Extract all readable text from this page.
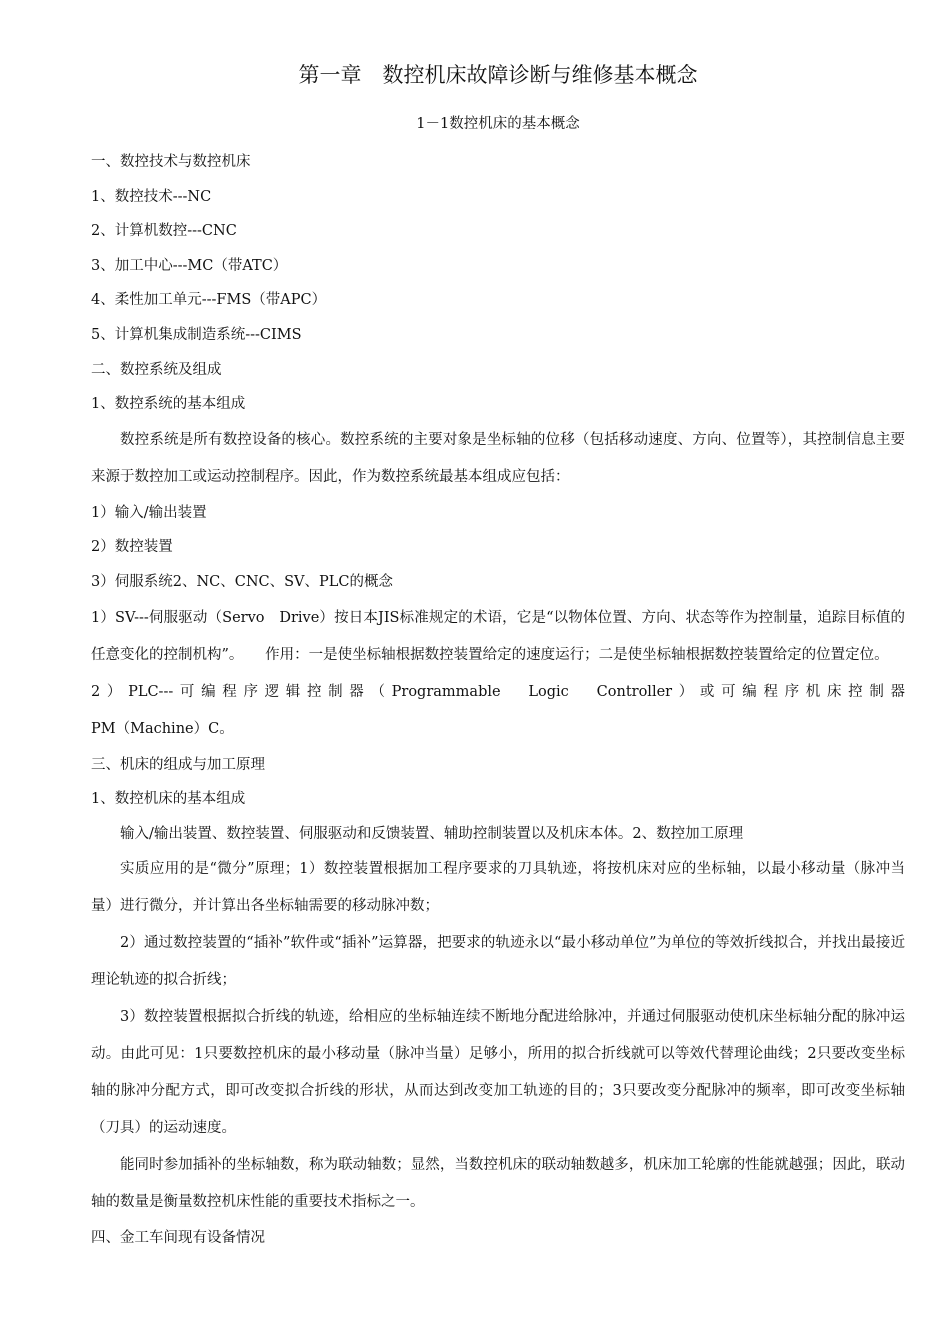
第一章　数控机床故障诊断与维修基本概念
1－1数控机床的基本概念

一、数控技术与数控机床

1、数控技术---NC

2、计算机数控---CNC

3、加工中心---MC（带ATC）

4、柔性加工单元---FMS（带APC）

5、计算机集成制造系统---CIMS

二、数控系统及组成

1、数控系统的基本组成

数控系统是所有数控设备的核心。数控系统的主要对象是坐标轴的位移（包括移动速度、方向、位置等），其控制信息主要来源于数控加工或运动控制程序。因此，作为数控系统最基本组成应包括：

1）输入/输出装置

2）数控装置

3）伺服系统2、NC、CNC、SV、PLC的概念

1）SV---伺服驱动（Servo　Drive）按日本JIS标准规定的术语，它是“以物体位置、方向、状态等作为控制量，追踪目标值的任意变化的控制机构”。　　作用：一是使坐标轴根据数控装置给定的速度运行；二是使坐标轴根据数控装置给定的位置定位。

2）PLC---可编程序逻辑控制器（Programmable　Logic　Controller）或可编程序机床控制器

PM（Machine）C。

三、机床的组成与加工原理

1、数控机床的基本组成

输入/输出装置、数控装置、伺服驱动和反馈装置、辅助控制装置以及机床本体。2、数控加工原理

实质应用的是“微分”原理；1）数控装置根据加工程序要求的刀具轨迹，将按机床对应的坐标轴，以最小移动量（脉冲当量）进行微分，并计算出各坐标轴需要的移动脉冲数；

2）通过数控装置的“插补”软件或“插补”运算器，把要求的轨迹永以“最小移动单位”为单位的等效折线拟合，并找出最接近理论轨迹的拟合折线；

3）数控装置根据拟合折线的轨迹，给相应的坐标轴连续不断地分配进给脉冲，并通过伺服驱动使机床坐标轴分配的脉冲运动。由此可见：1只要数控机床的最小移动量（脉冲当量）足够小，所用的拟合折线就可以等效代替理论曲线；2只要改变坐标轴的脉冲分配方式，即可改变拟合折线的形状，从而达到改变加工轨迹的目的；3只要改变分配脉冲的频率，即可改变坐标轴（刀具）的运动速度。

能同时参加插补的坐标轴数，称为联动轴数；显然，当数控机床的联动轴数越多，机床加工轮廓的性能就越强；因此，联动轴的数量是衡量数控机床性能的重要技术指标之一。

四、金工车间现有设备情况
